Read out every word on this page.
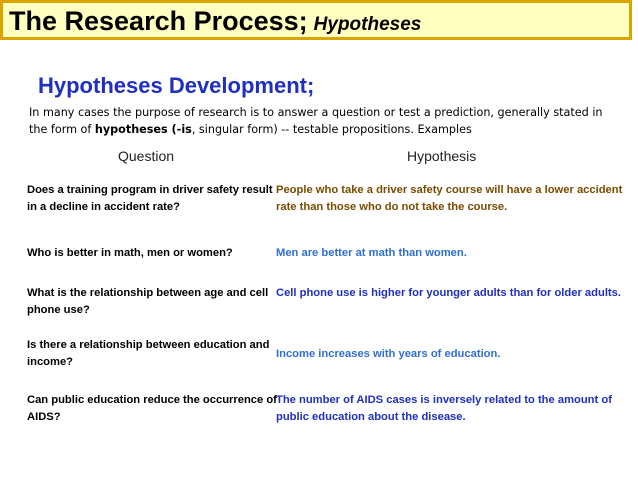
The Research Process; Hypotheses
Hypotheses Development;
In many cases the purpose of research is to answer a question or test a prediction, generally stated in the form of hypotheses (-is, singular form) -- testable propositions. Examples
Question	Hypothesis
Does a training program in driver safety result in a decline in accident rate?
People who take a driver safety course will have a lower accident rate than those who do not take the course.
Who is better in math, men or women?	Men are better at math than women.
What is the relationship between age and cell phone use?
Cell phone use is higher for younger adults than for older adults.
Is there a relationship between education and income?
Income increases with years of education.
Can public education reduce the occurrence of AIDS?
The number of AIDS cases is inversely related to the amount of public education about the disease.
